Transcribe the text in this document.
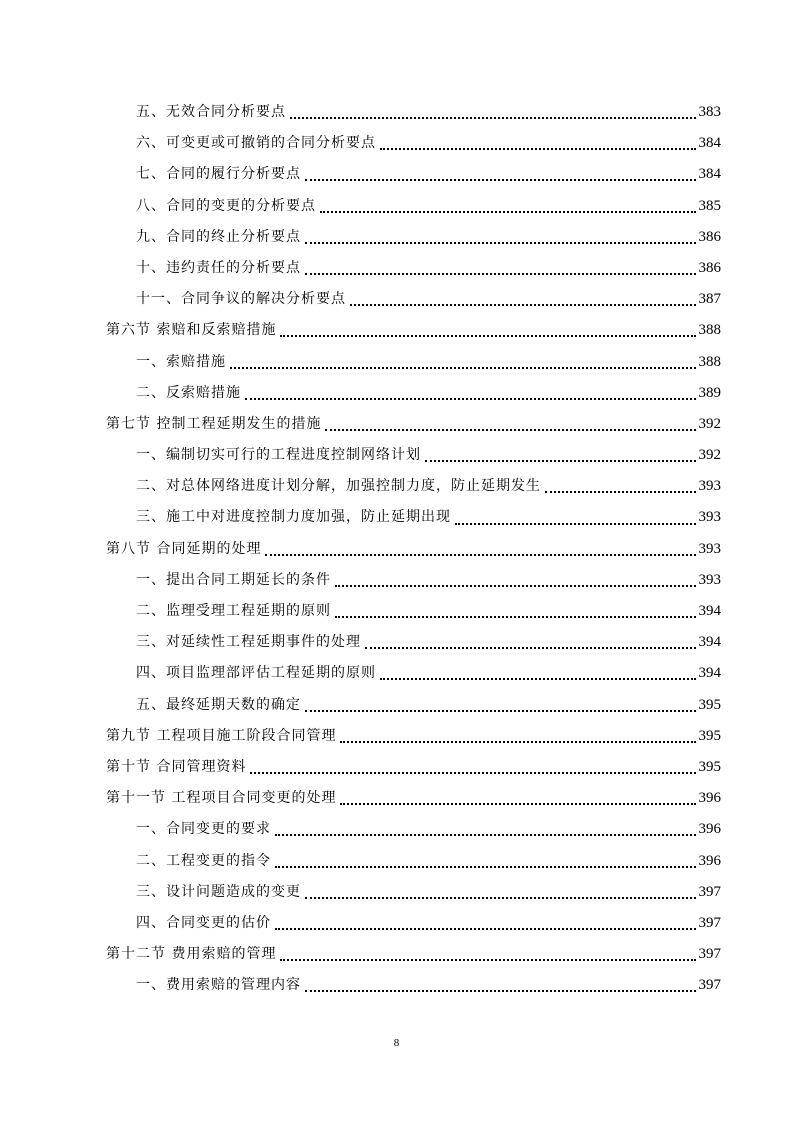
五、无效合同分析要点	383
六、可变更或可撤销的合同分析要点	384
七、合同的履行分析要点	384
八、合同的变更的分析要点	385
九、合同的终止分析要点	386
十、违约责任的分析要点	386
十一、合同争议的解决分析要点	387
第六节 索赔和反索赔措施	388
一、索赔措施	388
二、反索赔措施	389
第七节 控制工程延期发生的措施	392
一、编制切实可行的工程进度控制网络计划	392
二、对总体网络进度计划分解，加强控制力度，防止延期发生	393
三、施工中对进度控制力度加强，防止延期出现	393
第八节 合同延期的处理	393
一、提出合同工期延长的条件	393
二、监理受理工程延期的原则	394
三、对延续性工程延期事件的处理	394
四、项目监理部评估工程延期的原则	394
五、最终延期天数的确定	395
第九节 工程项目施工阶段合同管理	395
第十节 合同管理资料	395
第十一节 工程项目合同变更的处理	396
一、合同变更的要求	396
二、工程变更的指令	396
三、设计问题造成的变更	397
四、合同变更的估价	397
第十二节 费用索赔的管理	397
一、费用索赔的管理内容	397
8
